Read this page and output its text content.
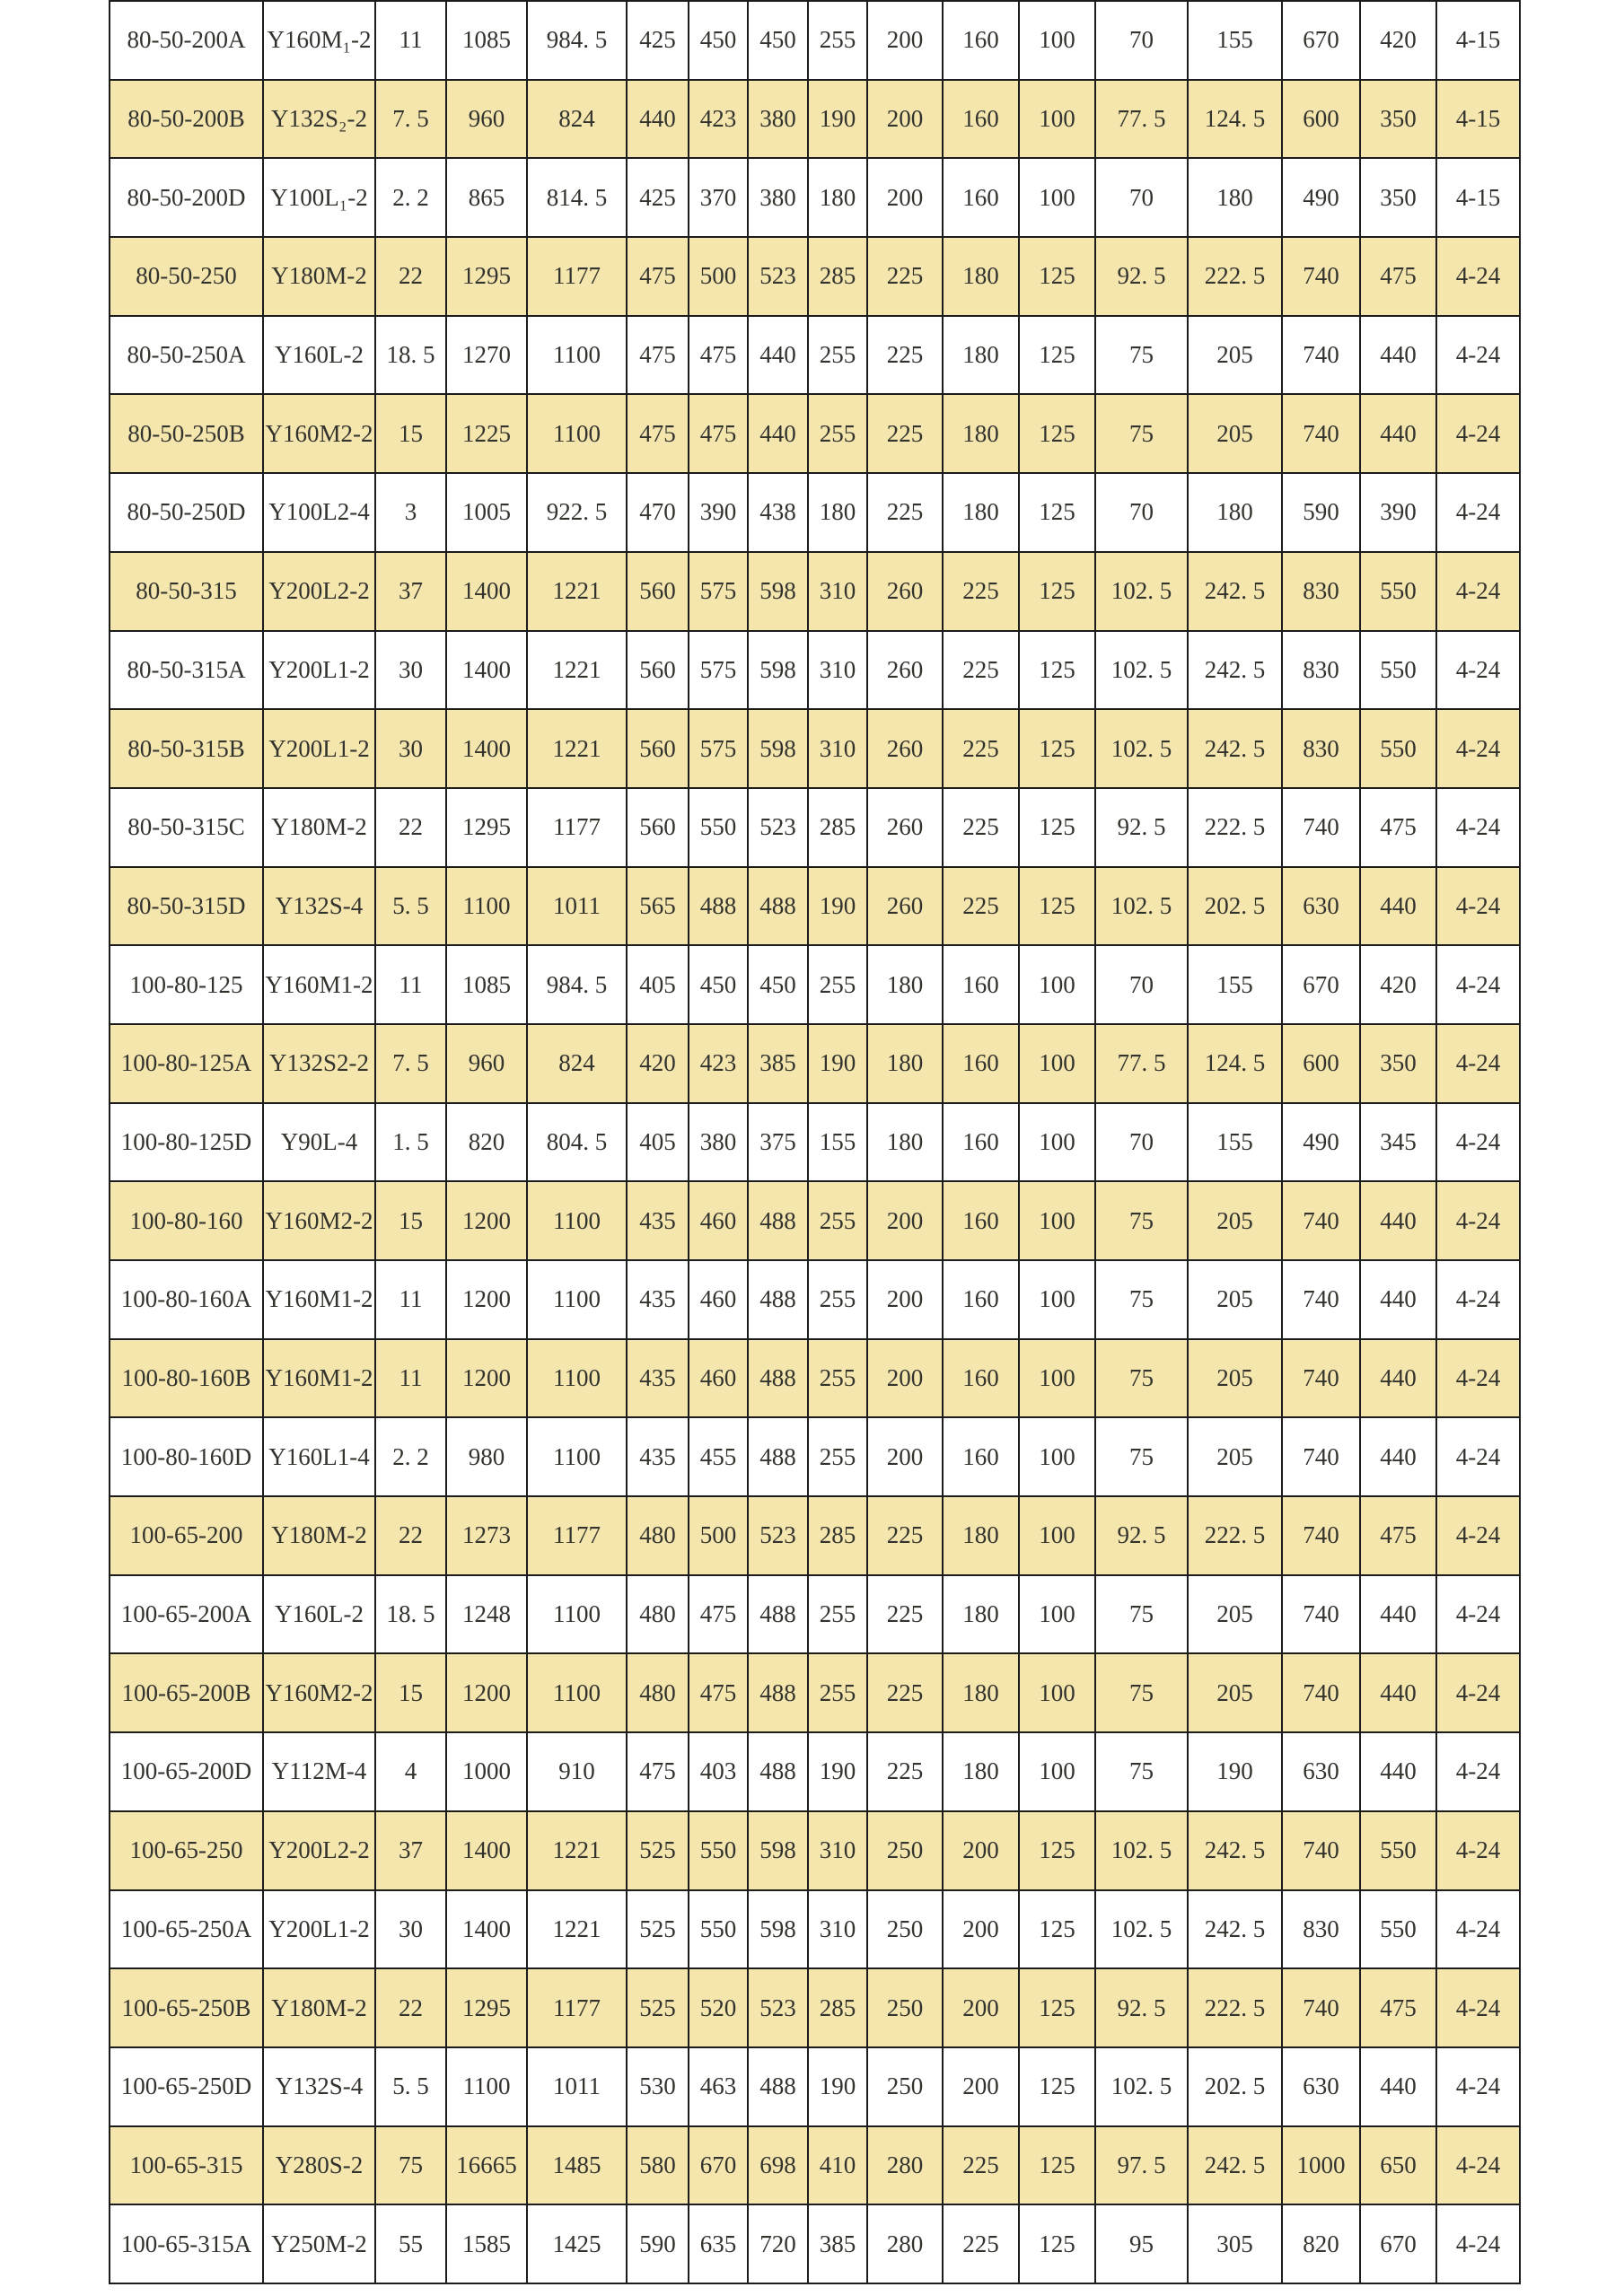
80-50-200A	Y160M₁-2	11	1085	984. 5	425	450	450	255	200	160	100	70	155	670	420	4-15
80-50-200B	Y132S₂-2	7. 5	960	824	440	423	380	190	200	160	100	77. 5	124. 5	600	350	4-15
80-50-200D	Y100L₁-2	2. 2	865	814. 5	425	370	380	180	200	160	100	70	180	490	350	4-15
80-50-250	Y180M-2	22	1295	1177	475	500	523	285	225	180	125	92. 5	222. 5	740	475	4-24
80-50-250A	Y160L-2	18. 5	1270	1100	475	475	440	255	225	180	125	75	205	740	440	4-24
80-50-250B	Y160M2-2	15	1225	1100	475	475	440	255	225	180	125	75	205	740	440	4-24
80-50-250D	Y100L2-4	3	1005	922. 5	470	390	438	180	225	180	125	70	180	590	390	4-24
80-50-315	Y200L2-2	37	1400	1221	560	575	598	310	260	225	125	102. 5	242. 5	830	550	4-24
80-50-315A	Y200L1-2	30	1400	1221	560	575	598	310	260	225	125	102. 5	242. 5	830	550	4-24
80-50-315B	Y200L1-2	30	1400	1221	560	575	598	310	260	225	125	102. 5	242. 5	830	550	4-24
80-50-315C	Y180M-2	22	1295	1177	560	550	523	285	260	225	125	92. 5	222. 5	740	475	4-24
80-50-315D	Y132S-4	5. 5	1100	1011	565	488	488	190	260	225	125	102. 5	202. 5	630	440	4-24
100-80-125	Y160M1-2	11	1085	984. 5	405	450	450	255	180	160	100	70	155	670	420	4-24
100-80-125A	Y132S2-2	7. 5	960	824	420	423	385	190	180	160	100	77. 5	124. 5	600	350	4-24
100-80-125D	Y90L-4	1. 5	820	804. 5	405	380	375	155	180	160	100	70	155	490	345	4-24
100-80-160	Y160M2-2	15	1200	1100	435	460	488	255	200	160	100	75	205	740	440	4-24
100-80-160A	Y160M1-2	11	1200	1100	435	460	488	255	200	160	100	75	205	740	440	4-24
100-80-160B	Y160M1-2	11	1200	1100	435	460	488	255	200	160	100	75	205	740	440	4-24
100-80-160D	Y160L1-4	2. 2	980	1100	435	455	488	255	200	160	100	75	205	740	440	4-24
100-65-200	Y180M-2	22	1273	1177	480	500	523	285	225	180	100	92. 5	222. 5	740	475	4-24
100-65-200A	Y160L-2	18. 5	1248	1100	480	475	488	255	225	180	100	75	205	740	440	4-24
100-65-200B	Y160M2-2	15	1200	1100	480	475	488	255	225	180	100	75	205	740	440	4-24
100-65-200D	Y112M-4	4	1000	910	475	403	488	190	225	180	100	75	190	630	440	4-24
100-65-250	Y200L2-2	37	1400	1221	525	550	598	310	250	200	125	102. 5	242. 5	740	550	4-24
100-65-250A	Y200L1-2	30	1400	1221	525	550	598	310	250	200	125	102. 5	242. 5	830	550	4-24
100-65-250B	Y180M-2	22	1295	1177	525	520	523	285	250	200	125	92. 5	222. 5	740	475	4-24
100-65-250D	Y132S-4	5. 5	1100	1011	530	463	488	190	250	200	125	102. 5	202. 5	630	440	4-24
100-65-315	Y280S-2	75	16665	1485	580	670	698	410	280	225	125	97. 5	242. 5	1000	650	4-24
100-65-315A	Y250M-2	55	1585	1425	590	635	720	385	280	225	125	95	305	820	670	4-24
